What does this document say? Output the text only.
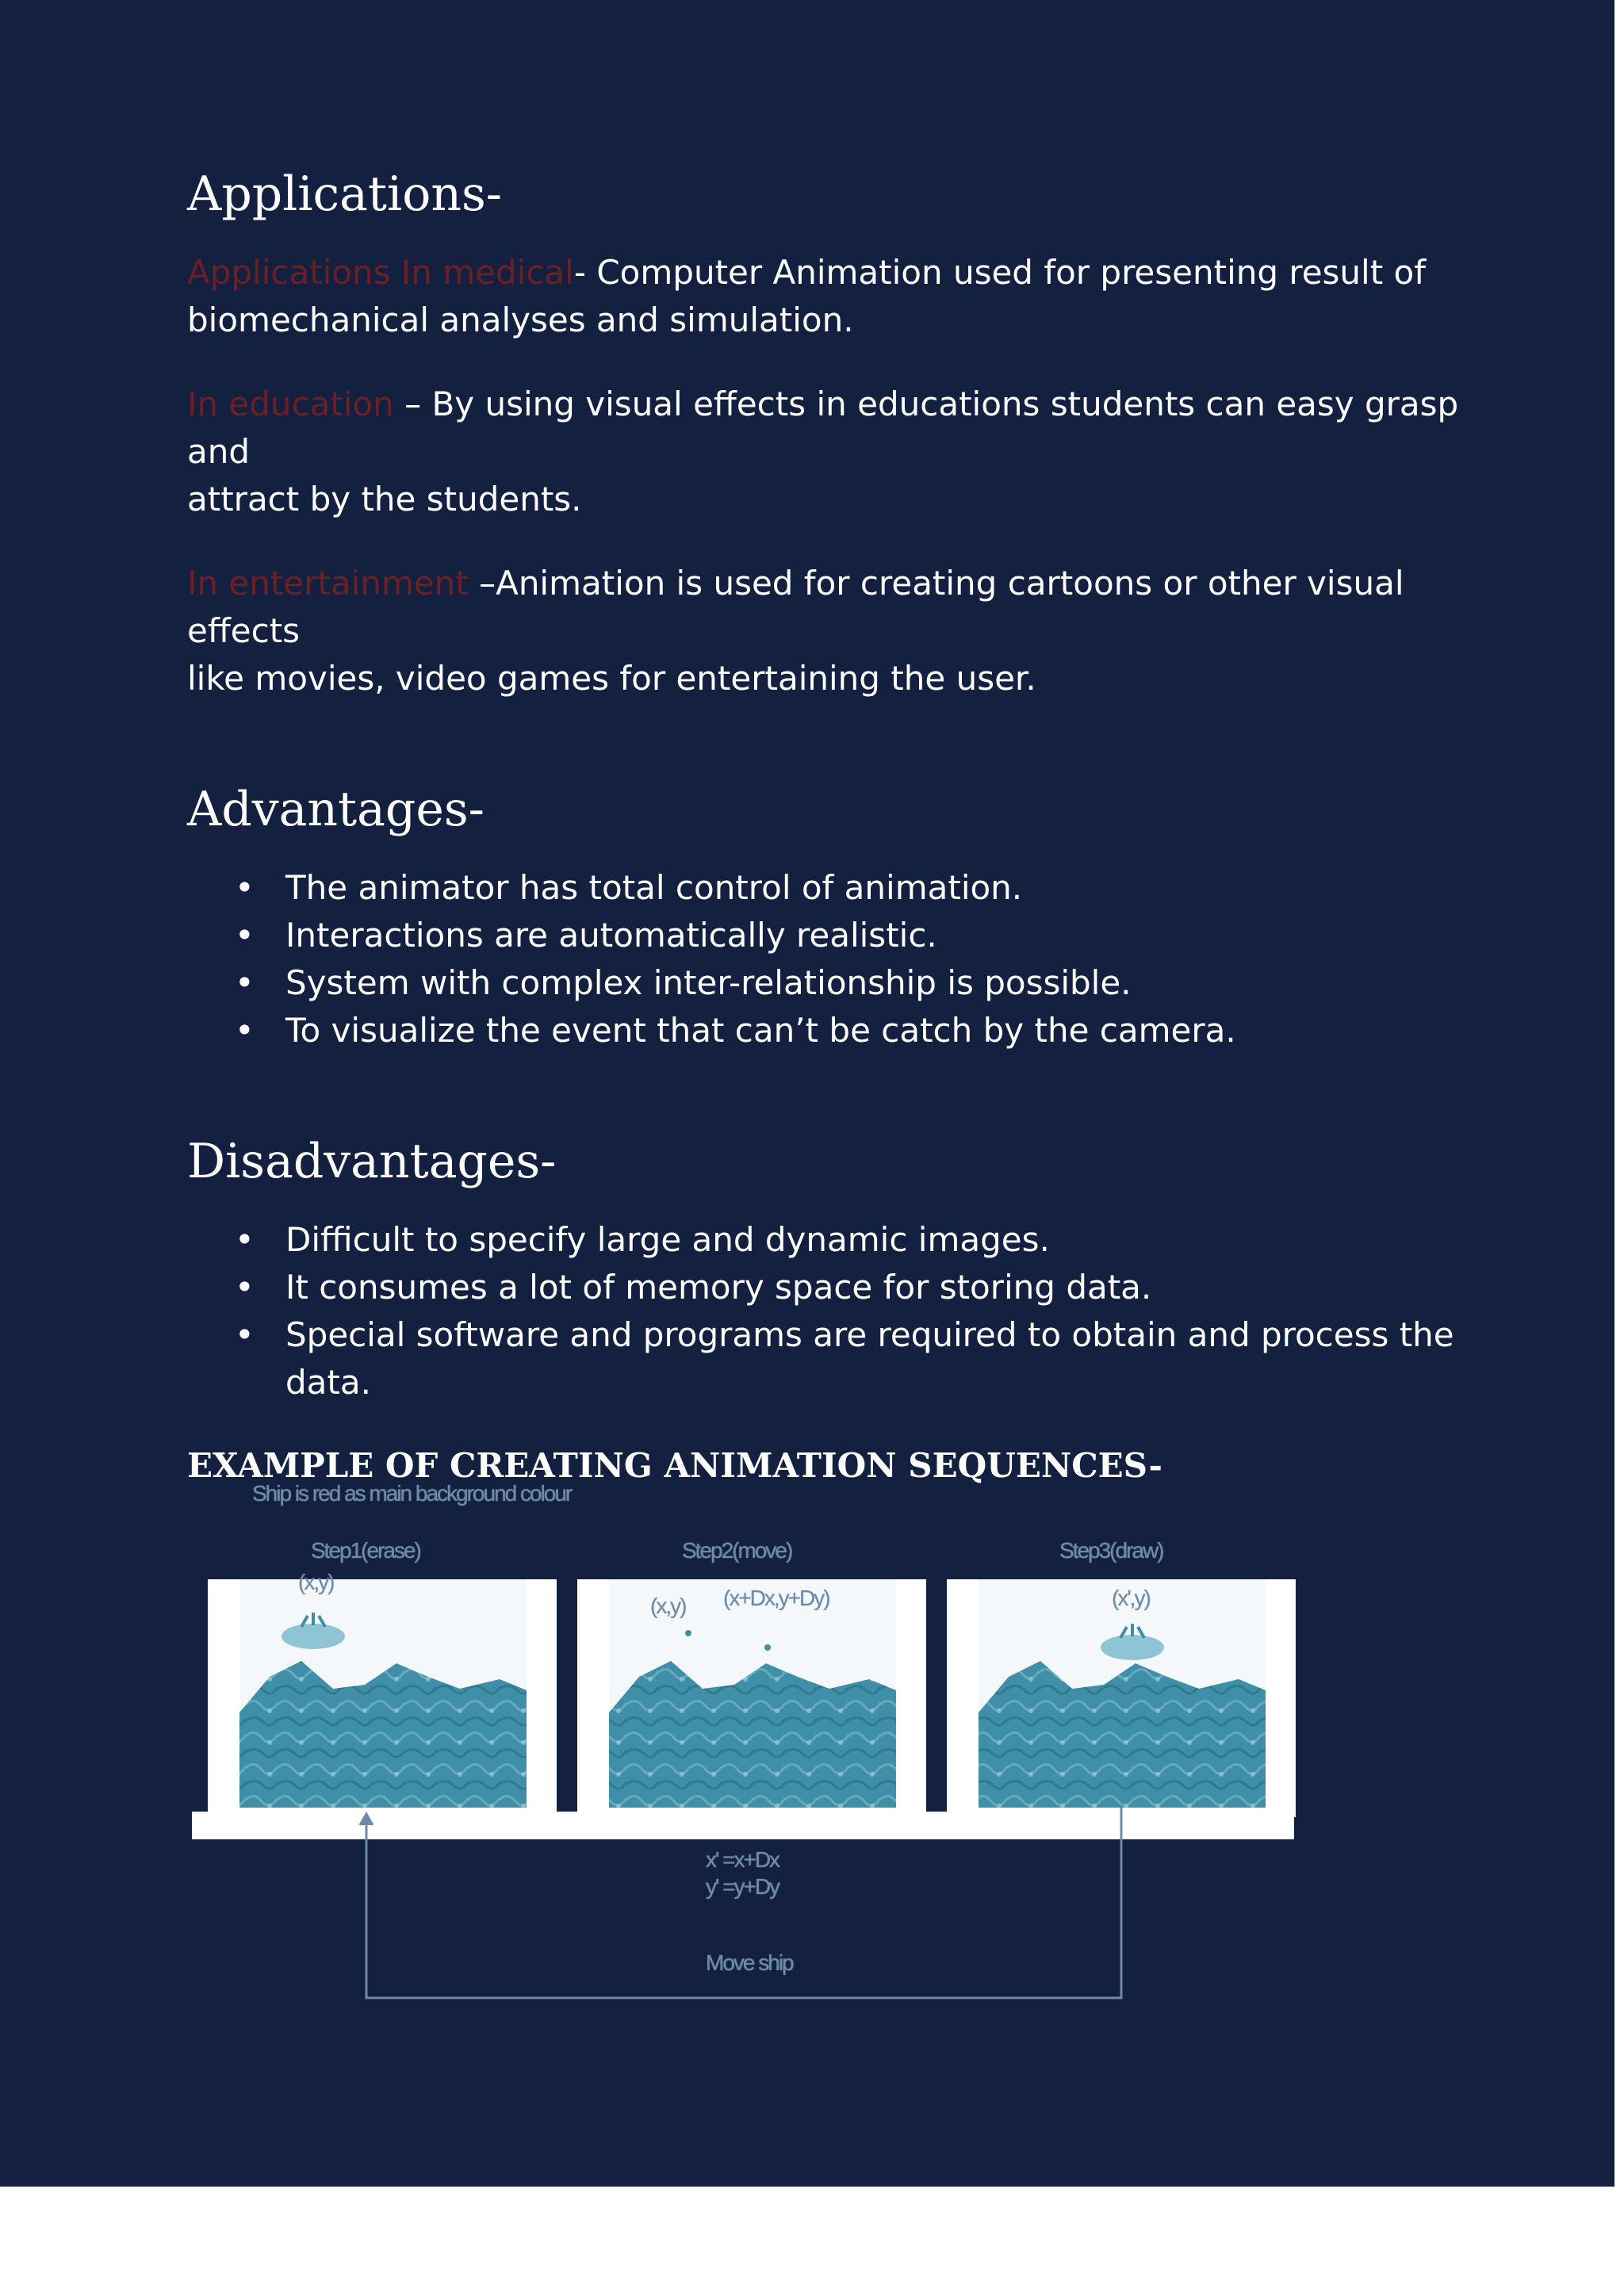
Applications-

Applications In medical- Computer Animation used for presenting result of
biomechanical analyses and simulation.

In education – By using visual effects in educations students can easy grasp and
attract by the students.

In entertainment –Animation is used for creating cartoons or other visual effects
like movies, video games for entertaining the user.

Advantages-
• The animator has total control of animation.
• Interactions are automatically realistic.
• System with complex inter-relationship is possible.
• To visualize the event that can’t be catch by the camera.
Disadvantages-
• Difficult to specify large and dynamic images.
• It consumes a lot of memory space for storing data.
• Special software and programs are required to obtain and process the data.
EXAMPLE OF CREATING ANIMATION SEQUENCES-
Ship is red as main background colour
Step1(erase)	Step2(move)	Step3(draw)
(x,y)
(x,y) (x+Dx,y+Dy)	(x',y)
x' =x+Dx
y' =y+Dy
Move ship
